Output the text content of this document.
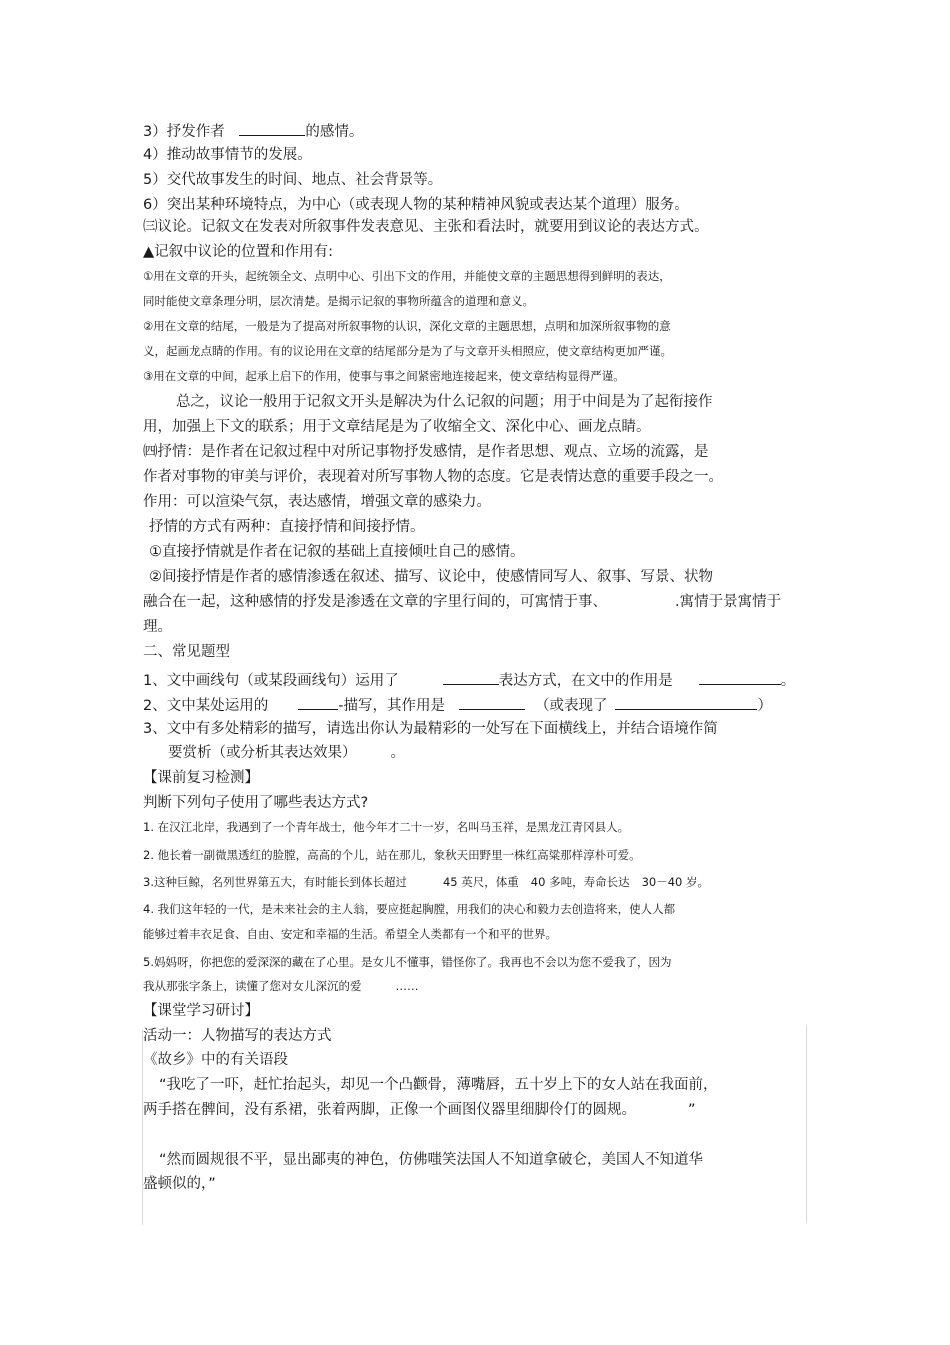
3）抒发作者	的感情。
4）推动故事情节的发展。
5）交代故事发生的时间、地点、社会背景等。
6）突出某种环境特点，为中心（或表现人物的某种精神风貌或表达某个道理）服务。
㈢议论。记叙文在发表对所叙事件发表意见、主张和看法时，就要用到议论的表达方式。
▲记叙中议论的位置和作用有:
①用在文章的开头，起统领全文、点明中心、引出下文的作用，并能使文章的主题思想得到鲜明的表达，
同时能使文章条理分明，层次清楚。是揭示记叙的事物所蕴含的道理和意义。
②用在文章的结尾，一般是为了提高对所叙事物的认识，深化文章的主题思想，点明和加深所叙事物的意
义，起画龙点睛的作用。有的议论用在文章的结尾部分是为了与文章开头相照应，使文章结构更加严谨。
③用在文章的中间，起承上启下的作用，使事与事之间紧密地连接起来，使文章结构显得严谨。
总之，议论一般用于记叙文开头是解决为什么记叙的问题；用于中间是为了起衔接作
用，加强上下文的联系；用于文章结尾是为了收缩全文、深化中心、画龙点睛。
㈣抒情：是作者在记叙过程中对所记事物抒发感情，是作者思想、观点、立场的流露，是
作者对事物的审美与评价，表现着对所写事物人物的态度。它是表情达意的重要手段之一。
作用：可以渲染气氛，表达感情，增强文章的感染力。
抒情的方式有两种：直接抒情和间接抒情。
①直接抒情就是作者在记叙的基础上直接倾吐自己的感情。
②间接抒情是作者的感情渗透在叙述、描写、议论中，使感情同写人、叙事、写景、状物
融合在一起，这种感情的抒发是渗透在文章的字里行间的，可寓情于事、	.寓情于景寓情于
理。
二、常见题型
1、文中画线句（或某段画线句）运用了	表达方式，在文中的作用是	。
2、文中某处运用的	-描写，其作用是	（或表现了	）
3、文中有多处精彩的描写，请选出你认为最精彩的一处写在下面横线上，并结合语境作简
要赏析（或分析其表达效果） 。
【课前复习检测】
判断下列句子使用了哪些表达方式?
1. 在汉江北岸，我遇到了一个青年战士，他今年才二十一岁，名叫马玉祥，是黑龙江青冈县人。
2. 他长着一副微黑透红的脸膛，高高的个儿，站在那儿，象秋天田野里一株红高粱那样淳朴可爱。
3.这种巨鲸，名列世界第五大，有时能长到体长超过	45 英尺，体重 40 多吨，寿命长达 30－40 岁。
4. 我们这年轻的一代，是未来社会的主人翁，要应挺起胸膛，用我们的决心和毅力去创造将来，使人人都
能够过着丰衣足食、自由、安定和幸福的生活。希望全人类都有一个和平的世界。
5.妈妈呀，你把您的爱深深的藏在了心里。是女儿不懂事，错怪你了。我再也不会以为您不爱我了，因为
我从那张字条上，读懂了您对女儿深沉的爱	……
【课堂学习研讨】
活动一：人物描写的表达方式
《故乡》中的有关语段
“我吃了一吓，赶忙抬起头，却见一个凸颧骨，薄嘴唇，五十岁上下的女人站在我面前，
两手搭在髀间，没有系裙，张着两脚，正像一个画图仪器里细脚伶仃的圆规。	”
“然而圆规很不平，显出鄙夷的神色，仿佛嗤笑法国人不知道拿破仑，美国人不知道华
盛顿似的，”
